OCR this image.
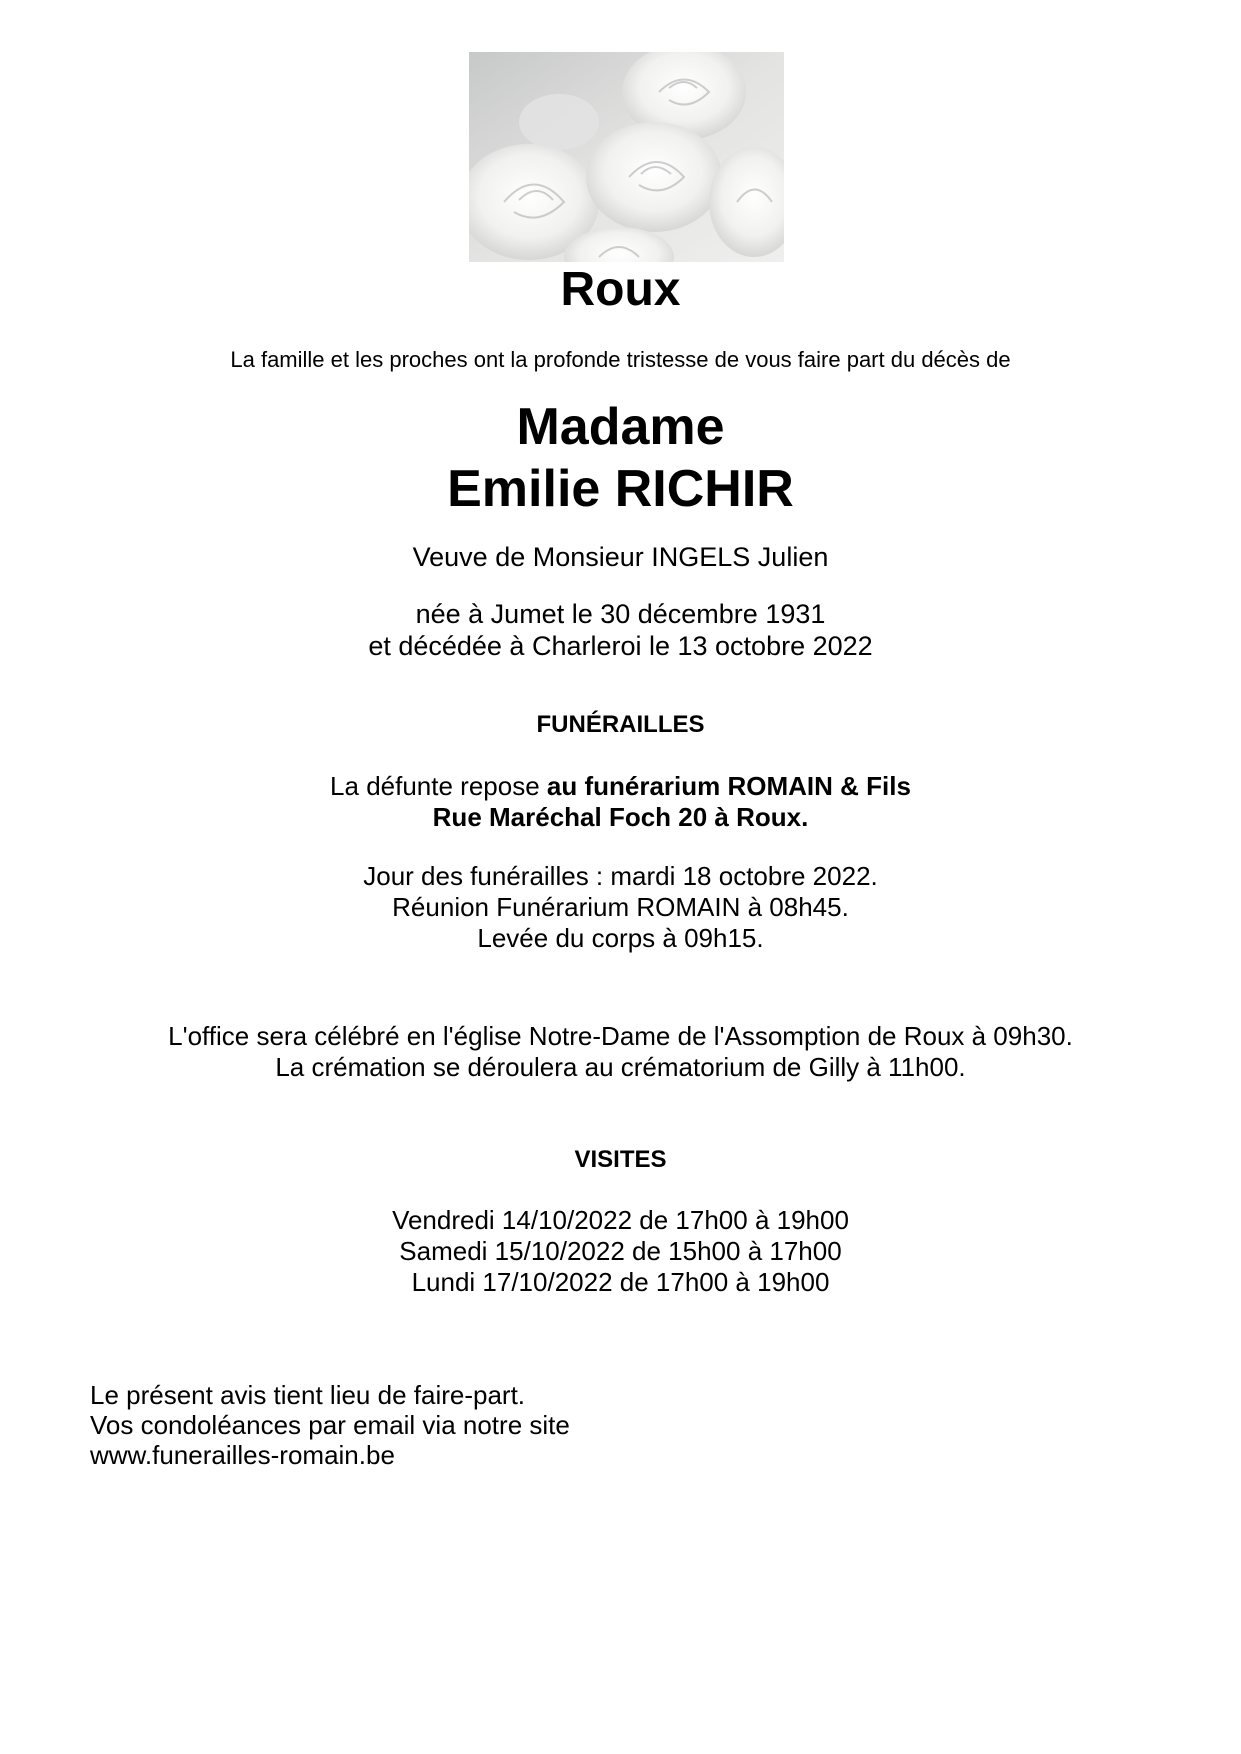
Roux
La famille et les proches ont la profonde tristesse de vous faire part du décès de
Madame
Emilie RICHIR
Veuve de Monsieur INGELS Julien
née à Jumet le 30 décembre 1931
et décédée à Charleroi le 13 octobre 2022
FUNÉRAILLES
La défunte repose au funérarium ROMAIN & Fils
Rue Maréchal Foch 20 à Roux.
Jour des funérailles : mardi 18 octobre 2022.
Réunion Funérarium ROMAIN à 08h45.
Levée du corps à 09h15.
L'office sera célébré en l'église Notre-Dame de l'Assomption de Roux à 09h30.
La crémation se déroulera au crématorium de Gilly à 11h00.
VISITES
Vendredi 14/10/2022 de 17h00 à 19h00
Samedi 15/10/2022 de 15h00 à 17h00
Lundi 17/10/2022 de 17h00 à 19h00
Le présent avis tient lieu de faire-part.
Vos condoléances par email via notre site
www.funerailles-romain.be
